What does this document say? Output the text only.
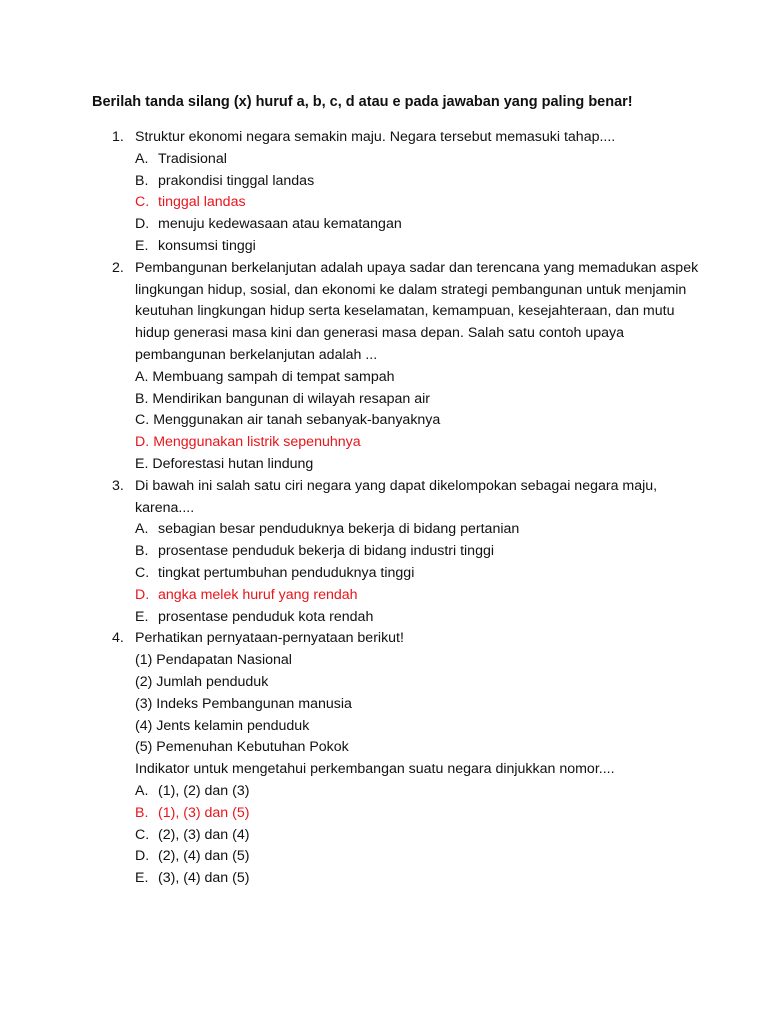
Berilah tanda silang (x) huruf a, b, c, d atau e pada jawaban yang paling benar!
1. Struktur ekonomi negara semakin maju. Negara tersebut memasuki tahap....
A. Tradisional
B. prakondisi tinggal landas
C. tinggal landas
D. menuju kedewasaan atau kematangan
E. konsumsi tinggi
2. Pembangunan berkelanjutan adalah upaya sadar dan terencana yang memadukan aspek
lingkungan hidup, sosial, dan ekonomi ke dalam strategi pembangunan untuk menjamin
keutuhan lingkungan hidup serta keselamatan, kemampuan, kesejahteraan, dan mutu
hidup generasi masa kini dan generasi masa depan. Salah satu contoh upaya
pembangunan berkelanjutan adalah ...
A. Membuang sampah di tempat sampah
B. Mendirikan bangunan di wilayah resapan air
C. Menggunakan air tanah sebanyak-banyaknya
D. Menggunakan listrik sepenuhnya
E. Deforestasi hutan lindung
3. Di bawah ini salah satu ciri negara yang dapat dikelompokan sebagai negara maju,
karena....
A. sebagian besar penduduknya bekerja di bidang pertanian
B. prosentase penduduk bekerja di bidang industri tinggi
C. tingkat pertumbuhan penduduknya tinggi
D. angka melek huruf yang rendah
E. prosentase penduduk kota rendah
4. Perhatikan pernyataan-pernyataan berikut!
(1) Pendapatan Nasional
(2) Jumlah penduduk
(3) Indeks Pembangunan manusia
(4) Jents kelamin penduduk
(5) Pemenuhan Kebutuhan Pokok
Indikator untuk mengetahui perkembangan suatu negara dinjukkan nomor....
A. (1), (2) dan (3)
B. (1), (3) dan (5)
C. (2), (3) dan (4)
D. (2), (4) dan (5)
E. (3), (4) dan (5)
